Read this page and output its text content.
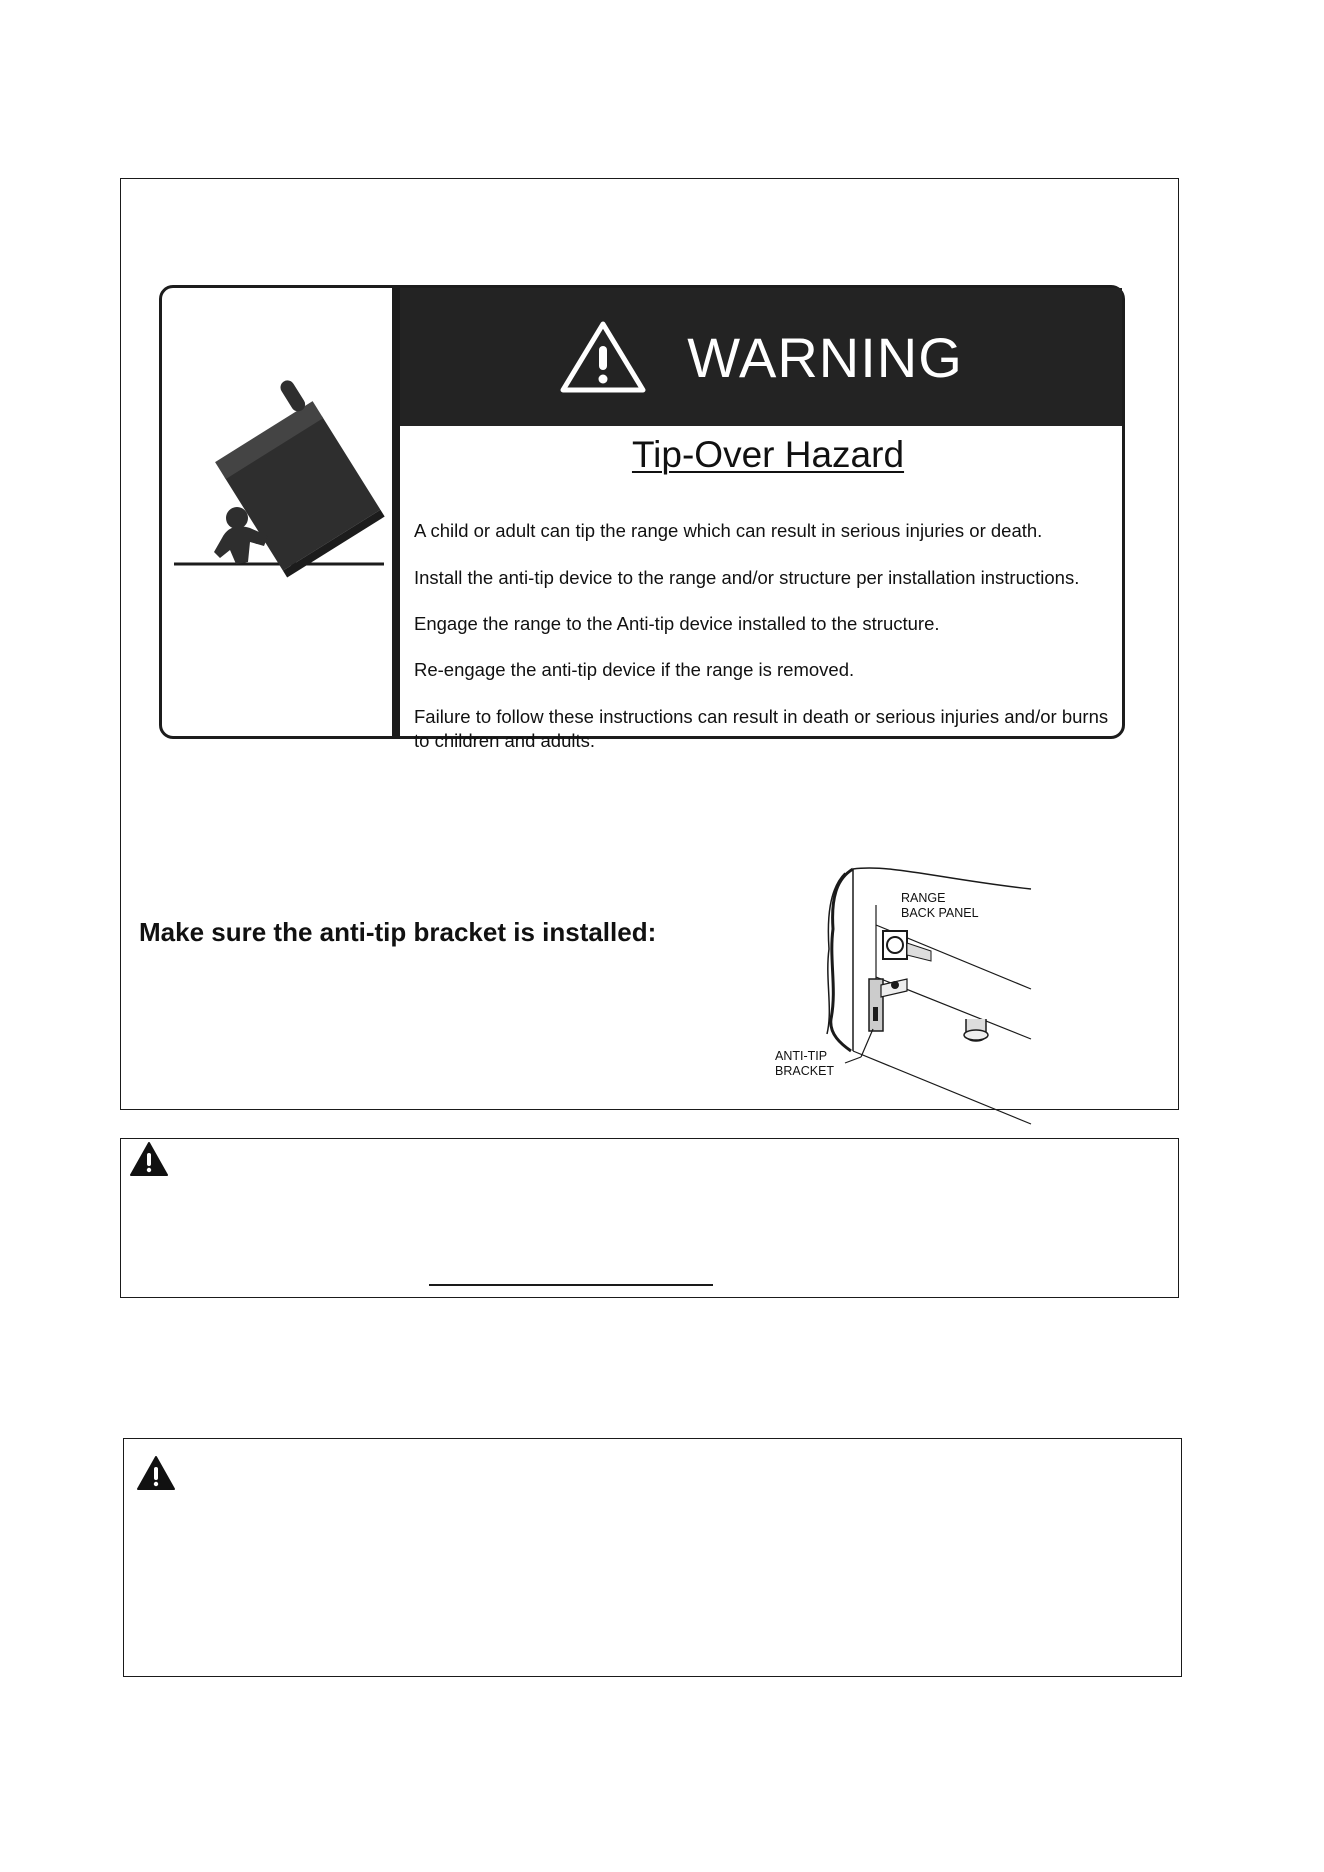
WARNING
Tip-Over Hazard

A child or adult can tip the range which can result in serious injuries or death.

Install the anti-tip device to the range and/or structure per installation instructions.

Engage the range to the Anti-tip device installed to the structure.

Re-engage the anti-tip device if the range is removed.

Failure to follow these instructions can result in death or serious injuries and/or burns to children and adults.

Make sure the anti-tip bracket is installed:

RANGE
BACK PANEL
ANTI-TIP
BRACKET
